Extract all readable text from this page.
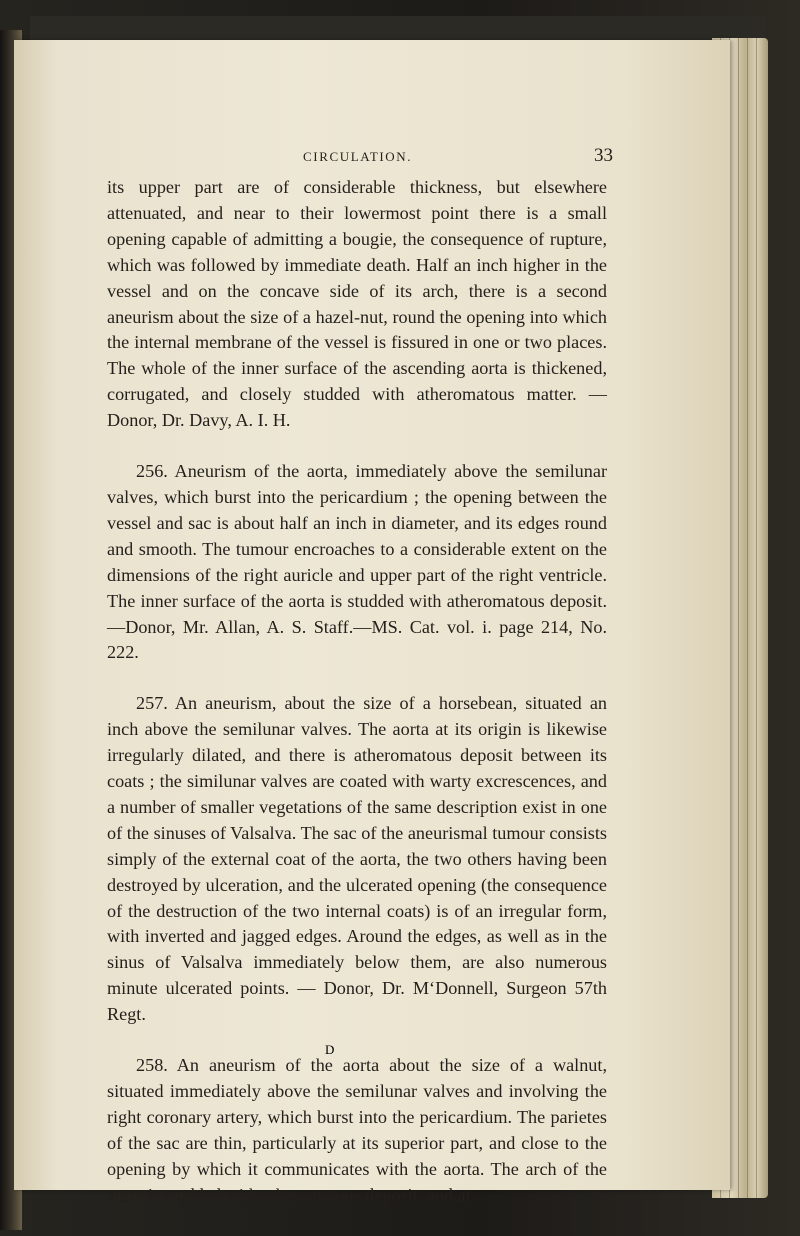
CIRCULATION.	33

its upper part are of considerable thickness, but elsewhere attenuated, and near to their lowermost point there is a small opening capable of admitting a bougie, the consequence of rupture, which was followed by immediate death. Half an inch higher in the vessel and on the concave side of its arch, there is a second aneurism about the size of a hazel-nut, round the opening into which the internal membrane of the vessel is fissured in one or two places. The whole of the inner surface of the ascending aorta is thickened, corrugated, and closely studded with atheromatous matter. — Donor, Dr. Davy, A. I. H.

256. Aneurism of the aorta, immediately above the semilunar valves, which burst into the pericardium ; the opening between the vessel and sac is about half an inch in diameter, and its edges round and smooth. The tumour encroaches to a considerable extent on the dimensions of the right auricle and upper part of the right ventricle. The inner surface of the aorta is studded with atheromatous deposit.—Donor, Mr. Allan, A. S. Staff.—MS. Cat. vol. i. page 214, No. 222.

257. An aneurism, about the size of a horsebean, situated an inch above the semilunar valves. The aorta at its origin is likewise irregularly dilated, and there is atheromatous deposit between its coats ; the similunar valves are coated with warty excrescences, and a number of smaller vegetations of the same description exist in one of the sinuses of Valsalva. The sac of the aneurismal tumour consists simply of the external coat of the aorta, the two others having been destroyed by ulceration, and the ulcerated opening (the consequence of the destruction of the two internal coats) is of an irregular form, with inverted and jagged edges. Around the edges, as well as in the sinus of Valsalva immediately below them, are also numerous minute ulcerated points. — Donor, Dr. M‘Donnell, Surgeon 57th Regt.

258. An aneurism of the aorta about the size of a walnut, situated immediately above the semilunar valves and involving the right coronary artery, which burst into the pericardium. The parietes of the sac are thin, particularly at its superior part, and close to the opening by which it communicates with the aorta. The arch of the aorta is studded with atheromatous deposit, and at

D
